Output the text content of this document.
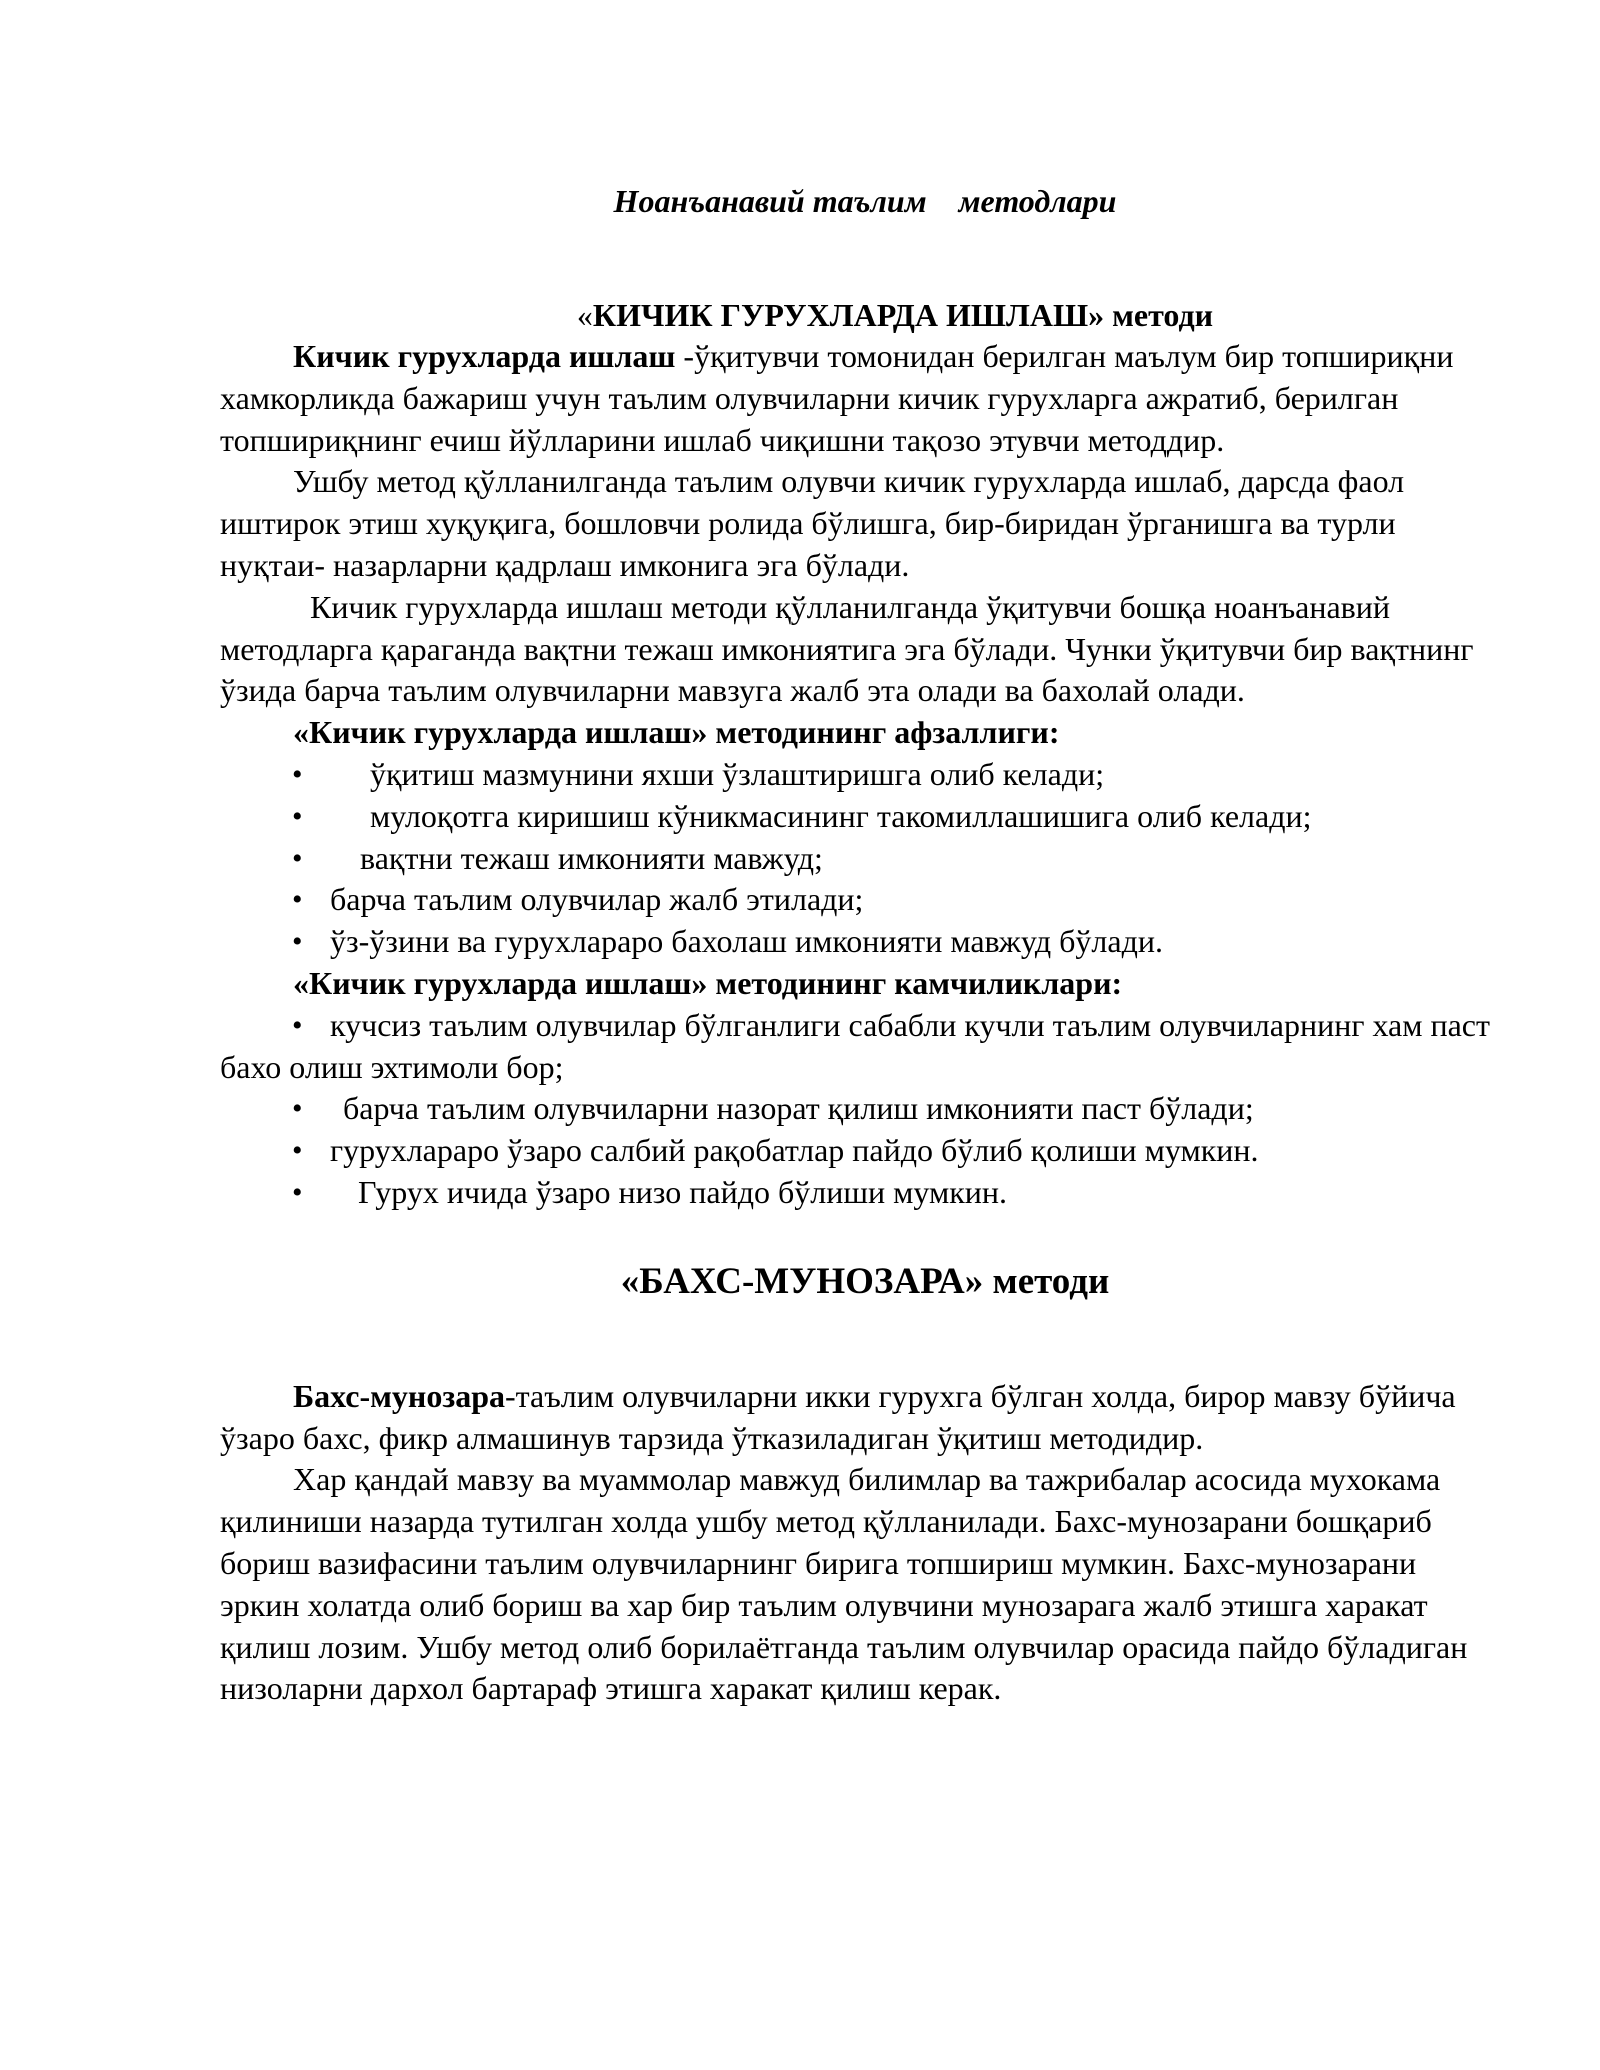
Ноанъанавий таълим    методлари
«КИЧИК ГУРУХЛАРДА ИШЛАШ» методи

Кичик гурухларда ишлаш -ўқитувчи томонидан берилган маълум бир топшириқни хамкорликда бажариш учун таълим олувчиларни кичик гурухларга ажратиб, берилган топшириқнинг ечиш йўлларини ишлаб чиқишни тақозо этувчи методдир.

Ушбу метод қўлланилганда таълим олувчи кичик гурухларда ишлаб, дарсда фаол иштирок этиш хуқуқига, бошловчи ролида бўлишга, бир-биридан ўрганишга ва турли нуқтаи- назарларни қадрлаш имконига эга бўлади.

Кичик гурухларда ишлаш методи қўлланилганда ўқитувчи бошқа ноанъанавий методларга қараганда вақтни тежаш имкониятига эга бўлади. Чунки ўқитувчи бир вақтнинг ўзида барча таълим олувчиларни мавзуга жалб эта олади ва бахолай олади.

«Кичик гурухларда ишлаш» методининг афзаллиги:

• ўқитиш мазмунини яхши ўзлаштиришга олиб келади;
• мулоқотга киришиш кўникмасининг такомиллашишига олиб келади;
• вақтни тежаш имконияти мавжуд;
• барча таълим олувчилар жалб этилади;
• ўз-ўзини ва гурухлараро бахолаш имконияти мавжуд бўлади.

«Кичик гурухларда ишлаш» методининг камчиликлари:

• кучсиз таълим олувчилар бўлганлиги сабабли кучли таълим олувчиларнинг хам паст бахо олиш эхтимоли бор;
• барча таълим олувчиларни назорат қилиш имконияти паст бўлади;
• гурухлараро ўзаро салбий рақобатлар пайдо бўлиб қолиши мумкин.
• Гурух ичида ўзаро низо пайдо бўлиши мумкин.
«БАХС-МУНОЗАРА» методи

Бахс-мунозара-таълим олувчиларни икки гурухга бўлган холда, бирор мавзу бўйича ўзаро бахс, фикр алмашинув тарзида ўтказиладиган ўқитиш методидир.

Хар қандай мавзу ва муаммолар мавжуд билимлар ва тажрибалар асосида мухокама қилиниши назарда тутилган холда ушбу метод қўлланилади. Бахс-мунозарани бошқариб бориш вазифасини таълим олувчиларнинг бирига топшириш мумкин. Бахс-мунозарани эркин холатда олиб бориш ва хар бир таълим олувчини мунозарага жалб этишга харакат қилиш лозим. Ушбу метод олиб борилаётганда таълим олувчилар орасида пайдо бўладиган низоларни дархол бартараф этишга харакат қилиш керак.
